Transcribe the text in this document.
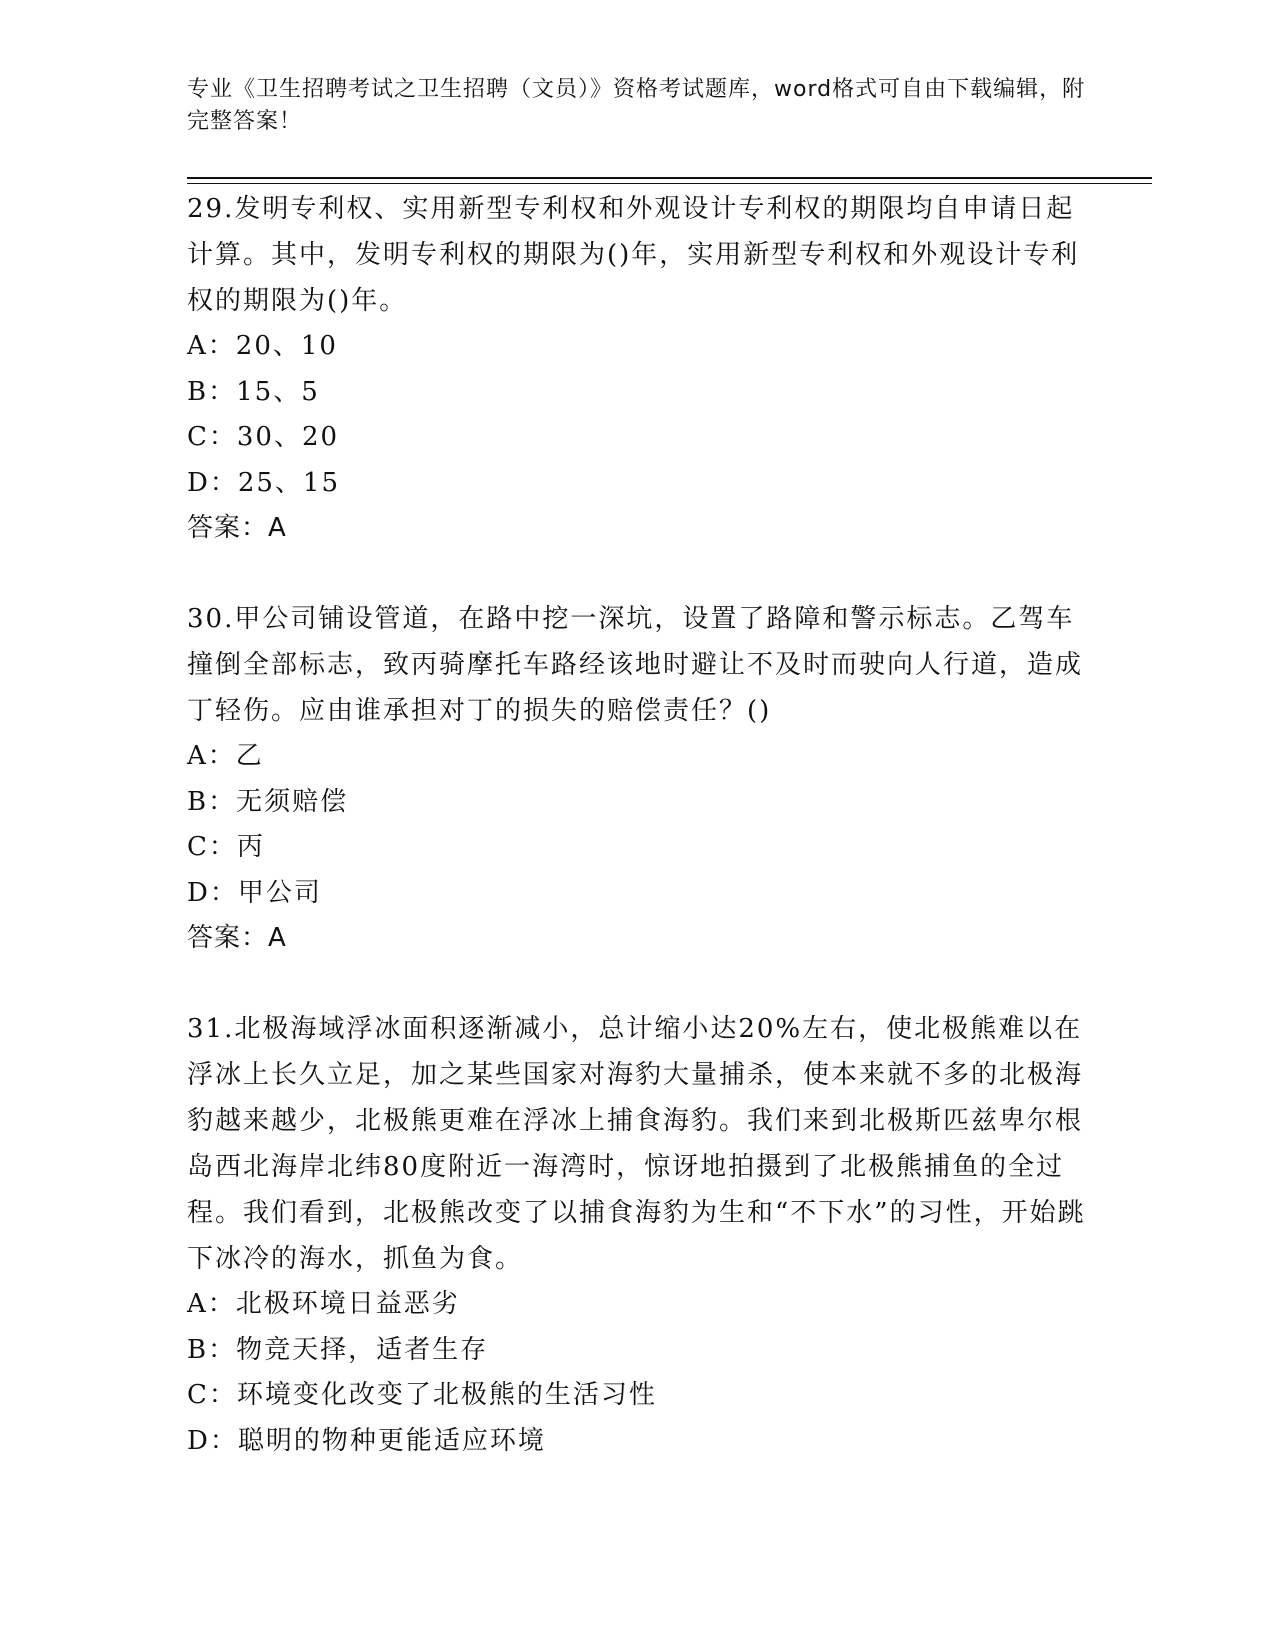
专业《卫生招聘考试之卫生招聘（文员）》资格考试题库，word格式可自由下载编辑，附完整答案！

29.发明专利权、实用新型专利权和外观设计专利权的期限均自申请日起计算。其中，发明专利权的期限为()年，实用新型专利权和外观设计专利权的期限为()年。

A：20、10

B：15、5

C：30、20

D：25、15

答案：A

30.甲公司铺设管道，在路中挖一深坑，设置了路障和警示标志。乙驾车撞倒全部标志，致丙骑摩托车路经该地时避让不及时而驶向人行道，造成丁轻伤。应由谁承担对丁的损失的赔偿责任？()

A：乙

B：无须赔偿

C：丙

D：甲公司

答案：A

31.北极海域浮冰面积逐渐减小，总计缩小达20%左右，使北极熊难以在浮冰上长久立足，加之某些国家对海豹大量捕杀，使本来就不多的北极海豹越来越少，北极熊更难在浮冰上捕食海豹。我们来到北极斯匹兹卑尔根岛西北海岸北纬80度附近一海湾时，惊讶地拍摄到了北极熊捕鱼的全过程。我们看到，北极熊改变了以捕食海豹为生和“不下水”的习性，开始跳下冰冷的海水，抓鱼为食。

A：北极环境日益恶劣

B：物竞天择，适者生存

C：环境变化改变了北极熊的生活习性

D：聪明的物种更能适应环境
